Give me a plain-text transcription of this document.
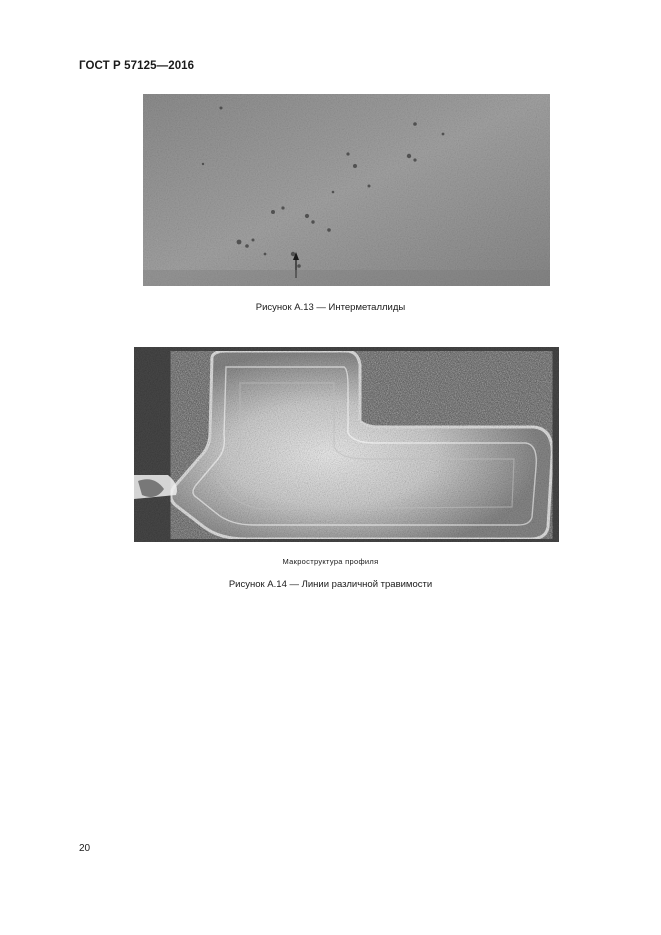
ГОСТ Р 57125—2016
Рисунок А.13 — Интерметаллиды
Макроструктура профиля
Рисунок А.14 — Линии различной травимости
20
